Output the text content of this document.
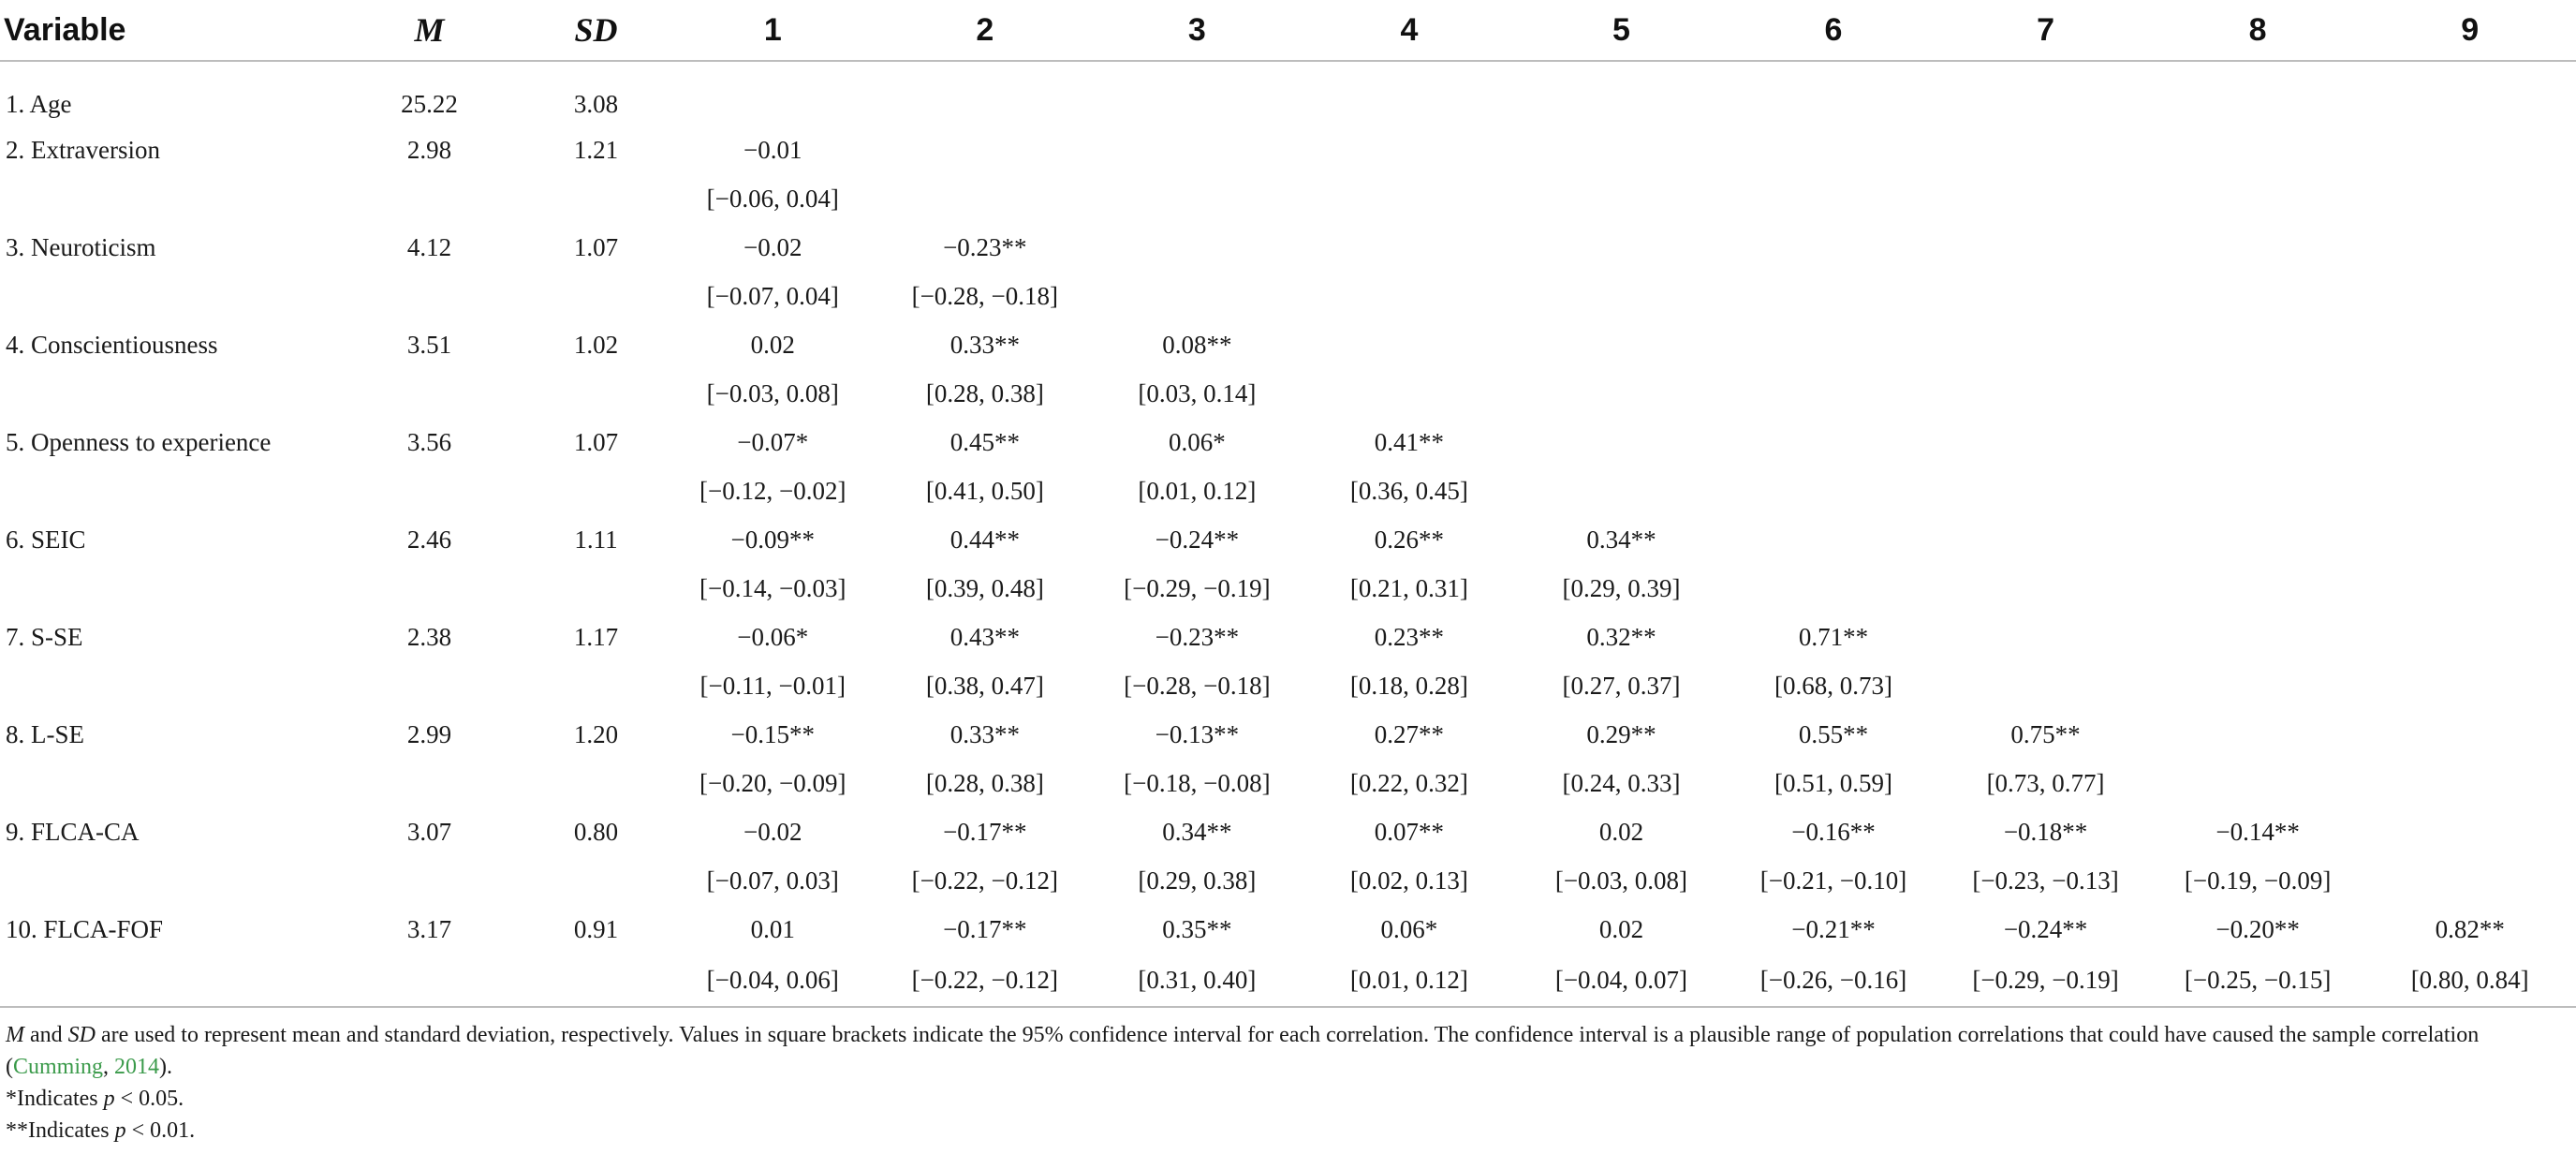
Variable	M	SD	1	2	3	4	5	6	7	8	9
1. Age	25.22	3.08									
2. Extraversion	2.98	1.21	−0.01								
			[−0.06, 0.04]								
3. Neuroticism	4.12	1.07	−0.02	−0.23**							
			[−0.07, 0.04]	[−0.28, −0.18]							
4. Conscientiousness	3.51	1.02	0.02	0.33**	0.08**						
			[−0.03, 0.08]	[0.28, 0.38]	[0.03, 0.14]						
5. Openness to experience	3.56	1.07	−0.07*	0.45**	0.06*	0.41**					
			[−0.12, −0.02]	[0.41, 0.50]	[0.01, 0.12]	[0.36, 0.45]					
6. SEIC	2.46	1.11	−0.09**	0.44**	−0.24**	0.26**	0.34**				
			[−0.14, −0.03]	[0.39, 0.48]	[−0.29, −0.19]	[0.21, 0.31]	[0.29, 0.39]				
7. S-SE	2.38	1.17	−0.06*	0.43**	−0.23**	0.23**	0.32**	0.71**			
			[−0.11, −0.01]	[0.38, 0.47]	[−0.28, −0.18]	[0.18, 0.28]	[0.27, 0.37]	[0.68, 0.73]			
8. L-SE	2.99	1.20	−0.15**	0.33**	−0.13**	0.27**	0.29**	0.55**	0.75**		
			[−0.20, −0.09]	[0.28, 0.38]	[−0.18, −0.08]	[0.22, 0.32]	[0.24, 0.33]	[0.51, 0.59]	[0.73, 0.77]		
9. FLCA-CA	3.07	0.80	−0.02	−0.17**	0.34**	0.07**	0.02	−0.16**	−0.18**	−0.14**	
			[−0.07, 0.03]	[−0.22, −0.12]	[0.29, 0.38]	[0.02, 0.13]	[−0.03, 0.08]	[−0.21, −0.10]	[−0.23, −0.13]	[−0.19, −0.09]	
10. FLCA-FOF	3.17	0.91	0.01	−0.17**	0.35**	0.06*	0.02	−0.21**	−0.24**	−0.20**	0.82**
			[−0.04, 0.06]	[−0.22, −0.12]	[0.31, 0.40]	[0.01, 0.12]	[−0.04, 0.07]	[−0.26, −0.16]	[−0.29, −0.19]	[−0.25, −0.15]	[0.80, 0.84]

M and SD are used to represent mean and standard deviation, respectively. Values in square brackets indicate the 95% confidence interval for each correlation. The confidence interval is a plausible range of population correlations that could have caused the sample correlation (Cumming, 2014).

*Indicates p < 0.05.

**Indicates p < 0.01.
